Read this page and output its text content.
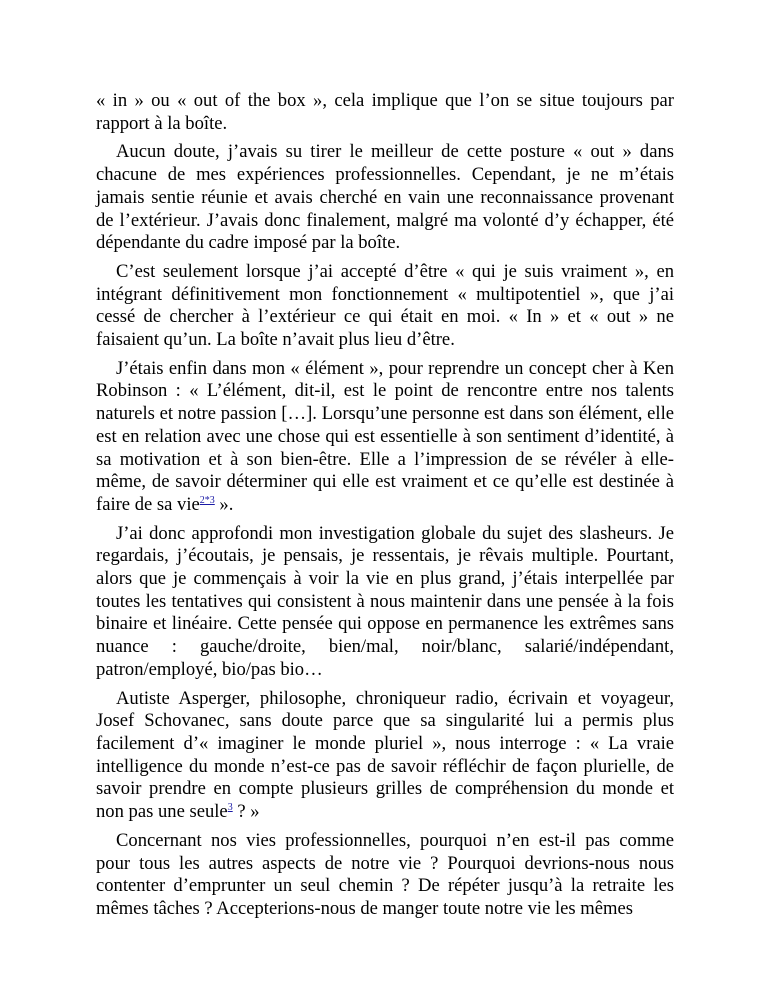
« in » ou « out of the box », cela implique que l’on se situe toujours par rapport à la boîte.

Aucun doute, j’avais su tirer le meilleur de cette posture « out » dans chacune de mes expériences professionnelles. Cependant, je ne m’étais jamais sentie réunie et avais cherché en vain une reconnaissance provenant de l’extérieur. J’avais donc finalement, malgré ma volonté d’y échapper, été dépendante du cadre imposé par la boîte.

C’est seulement lorsque j’ai accepté d’être « qui je suis vraiment », en intégrant définitivement mon fonctionnement « multipotentiel », que j’ai cessé de chercher à l’extérieur ce qui était en moi. « In » et « out » ne faisaient qu’un. La boîte n’avait plus lieu d’être.

J’étais enfin dans mon « élément », pour reprendre un concept cher à Ken Robinson : « L’élément, dit-il, est le point de rencontre entre nos talents naturels et notre passion […]. Lorsqu’une personne est dans son élément, elle est en relation avec une chose qui est essentielle à son sentiment d’identité, à sa motivation et à son bien-être. Elle a l’impression de se révéler à elle-même, de savoir déterminer qui elle est vraiment et ce qu’elle est destinée à faire de sa vie$^{2*3}$ ».

J’ai donc approfondi mon investigation globale du sujet des slasheurs. Je regardais, j’écoutais, je pensais, je ressentais, je rêvais multiple. Pourtant, alors que je commençais à voir la vie en plus grand, j’étais interpellée par toutes les tentatives qui consistent à nous maintenir dans une pensée à la fois binaire et linéaire. Cette pensée qui oppose en permanence les extrêmes sans nuance : gauche/droite, bien/mal, noir/blanc, salarié/indépendant, patron/employé, bio/pas bio…

Autiste Asperger, philosophe, chroniqueur radio, écrivain et voyageur, Josef Schovanec, sans doute parce que sa singularité lui a permis plus facilement d’« imaginer le monde pluriel », nous interroge : « La vraie intelligence du monde n’est-ce pas de savoir réfléchir de façon plurielle, de savoir prendre en compte plusieurs grilles de compréhension du monde et non pas une seule$^3$ ? »

Concernant nos vies professionnelles, pourquoi n’en est-il pas comme pour tous les autres aspects de notre vie ? Pourquoi devrions-nous nous contenter d’emprunter un seul chemin ? De répéter jusqu’à la retraite les mêmes tâches ? Accepterions-nous de manger toute notre vie les mêmes
